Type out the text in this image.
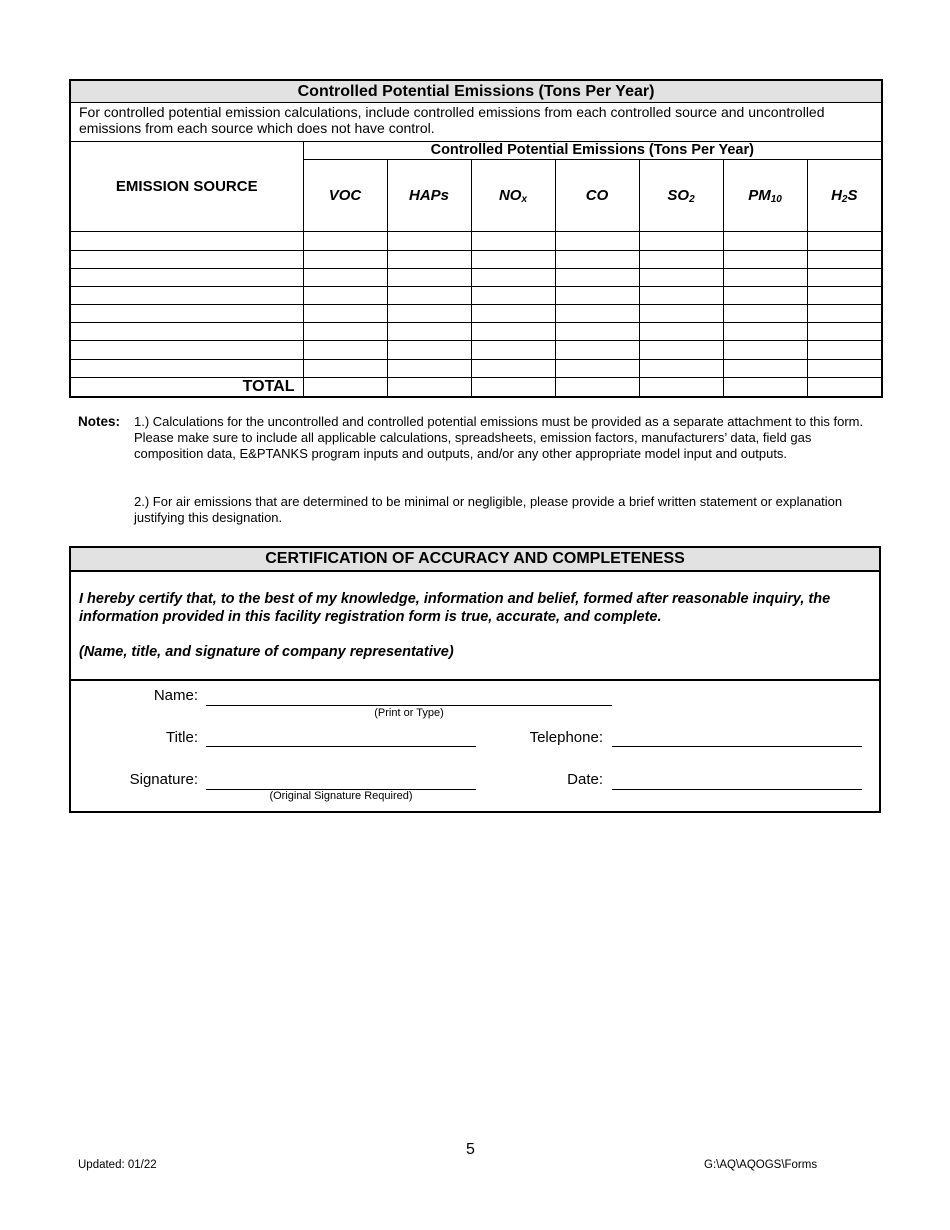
Controlled Potential Emissions (Tons Per Year)							
For controlled potential emission calculations, include controlled emissions from each controlled source and uncontrolled emissions from each source which does not have control.							
EMISSION SOURCE	Controlled Potential Emissions (Tons Per Year)						
	VOC	HAPs	$NO_x$	CO	$SO_2$	$PM_{10}$	$H_2S$

TOTAL							
Notes: 1.) Calculations for the uncontrolled and controlled potential emissions must be provided as a separate attachment to this form. Please make sure to include all applicable calculations, spreadsheets, emission factors, manufacturers’ data, field gas composition data, E&PTANKS program inputs and outputs, and/or any other appropriate model input and outputs.
2.) For air emissions that are determined to be minimal or negligible, please provide a brief written statement or explanation justifying this designation.
CERTIFICATION OF ACCURACY AND COMPLETENESS
I hereby certify that, to the best of my knowledge, information and belief, formed after reasonable inquiry, the information provided in this facility registration form is true, accurate, and complete.
(Name, title, and signature of company representative)
Name:
(Print or Type)
Title:	Telephone:
Signature:
(Original Signature Required)
Date:
5
Updated: 01/22	G:\AQ\AQOGS\Forms
